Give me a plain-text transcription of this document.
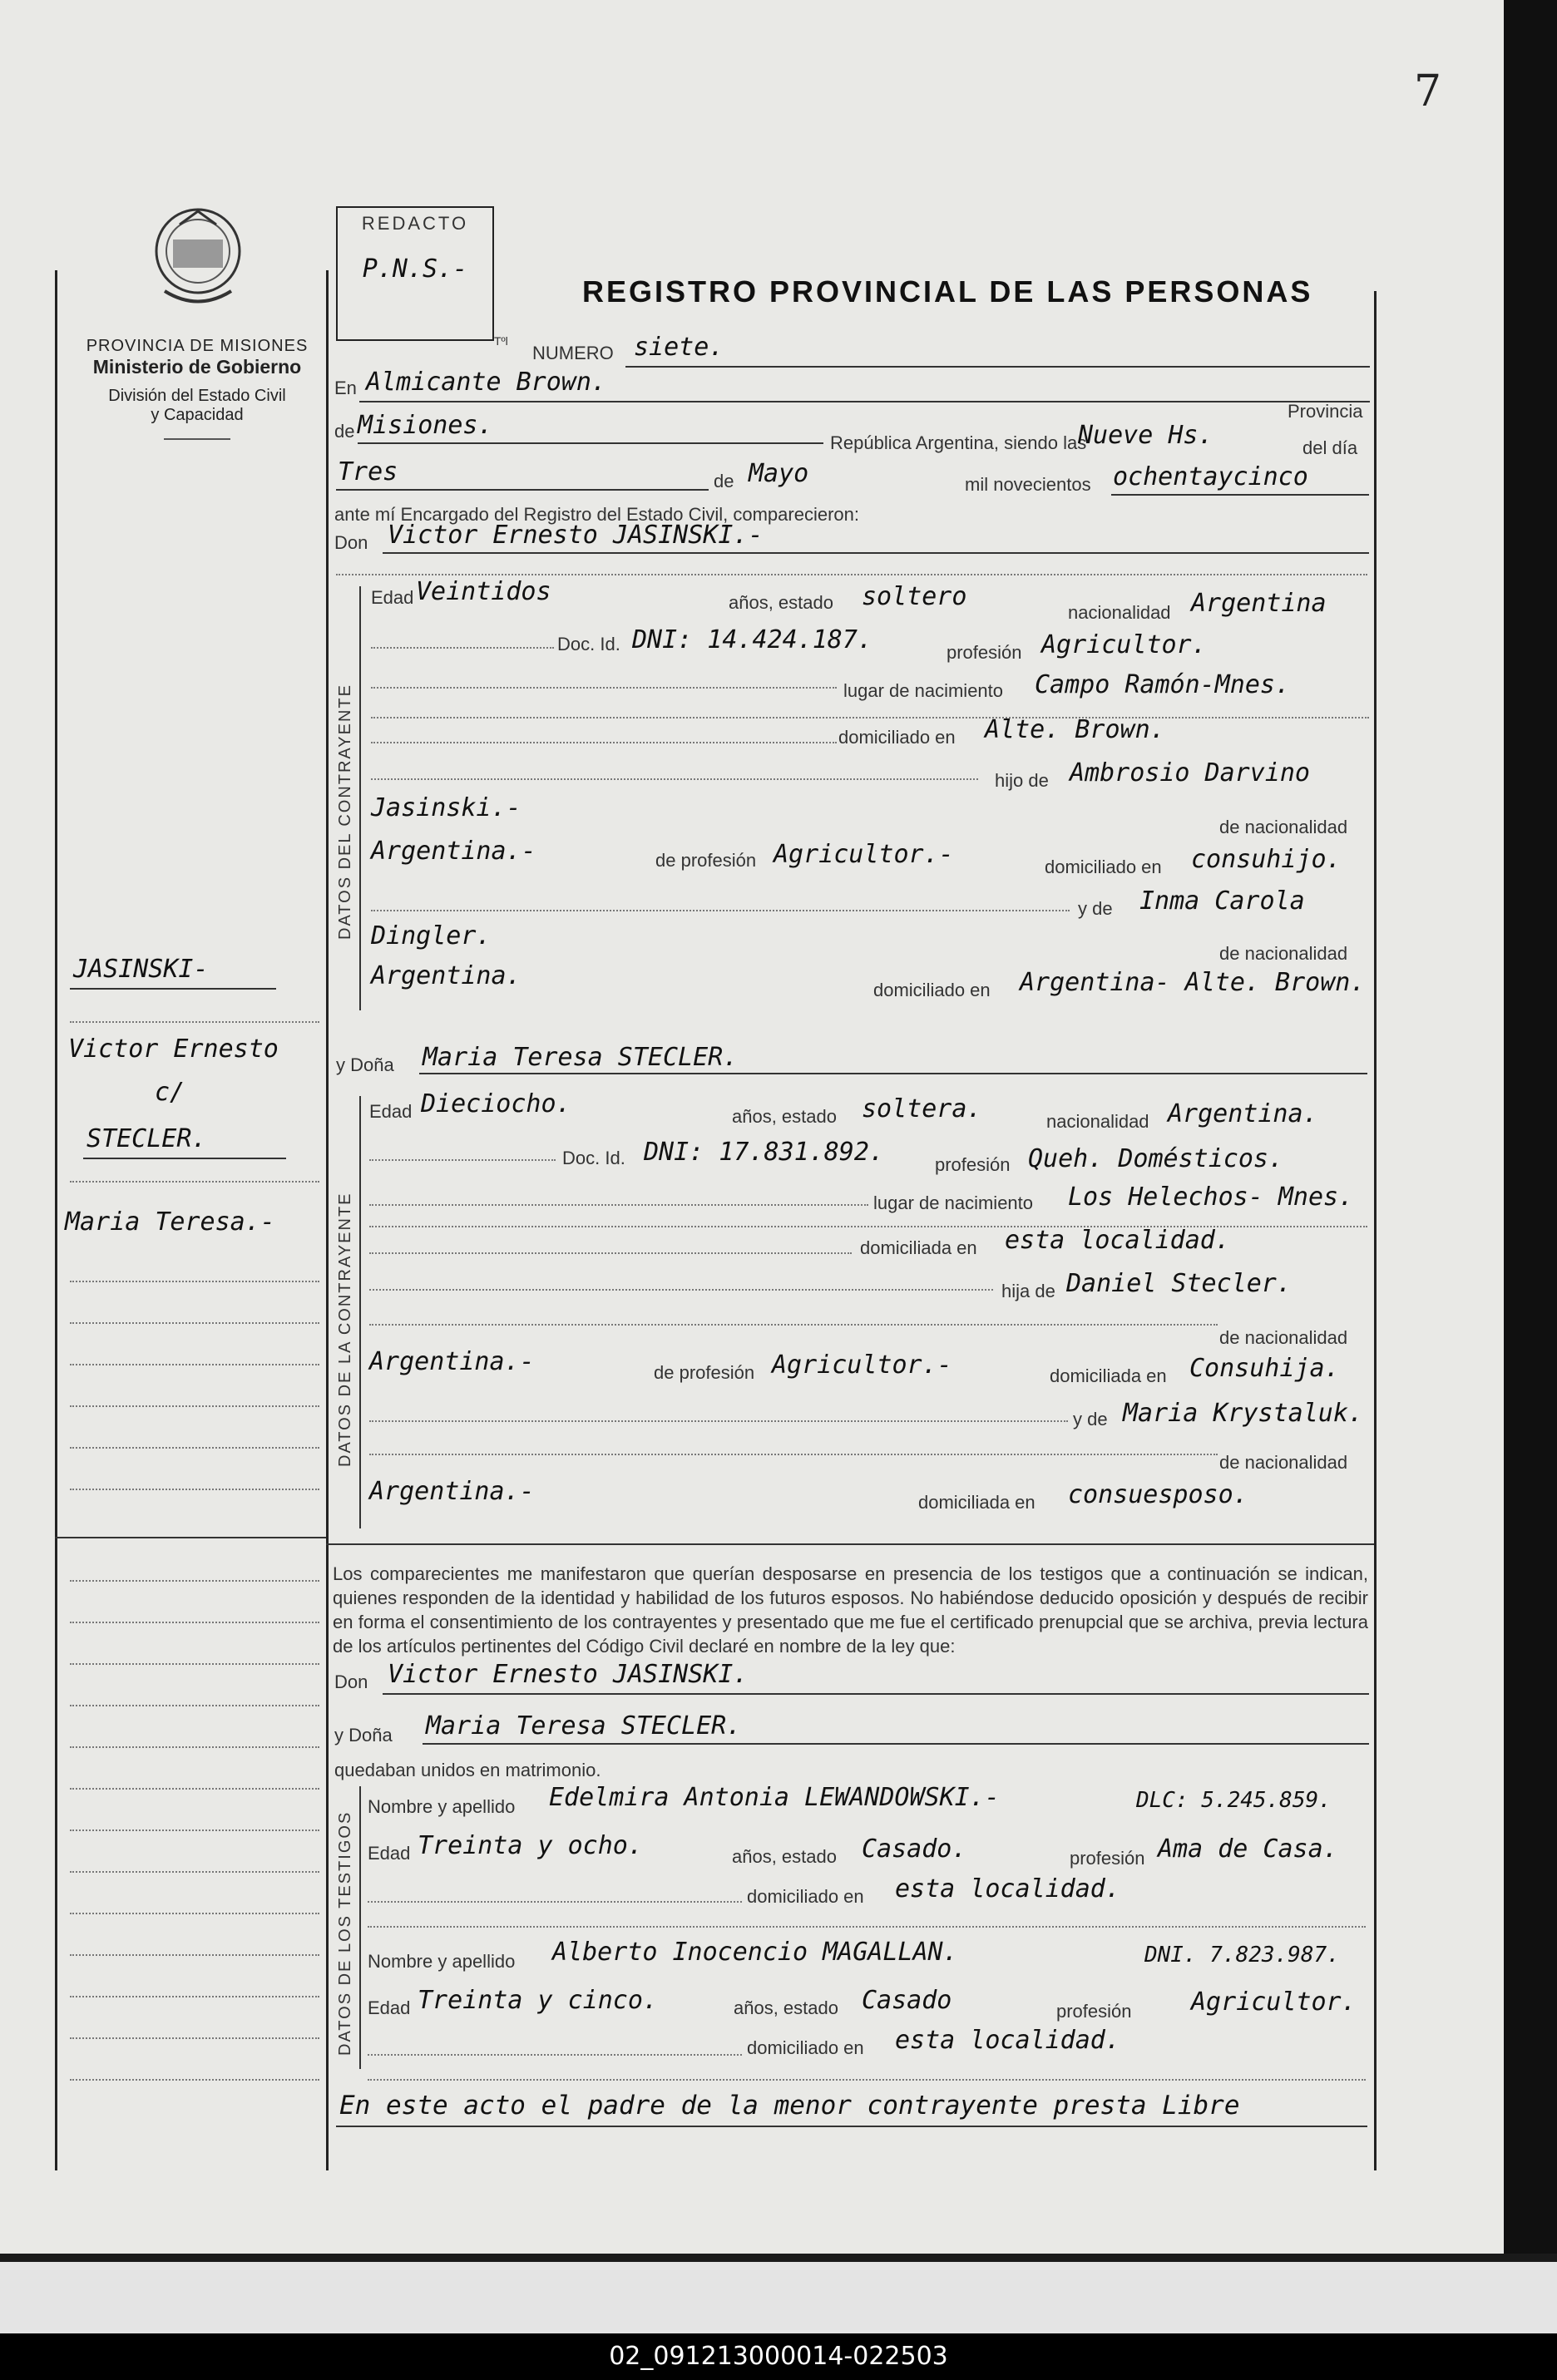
7
PROVINCIA DE MISIONES
Ministerio de Gobierno
División del Estado Civil
y Capacidad
REDACTO
P.N.S.-
REGISTRO PROVINCIAL DE LAS PERSONAS
Tºl
NUMERO siete.
En Almicante Brown.
Provincia
de Misiones.
República Argentina, siendo las
Nueve Hs.	del día
Tres	de Mayo	mil novecientos ochentaycinco
ante mí Encargado del Registro del Estado Civil, comparecieron:
Don Victor Ernesto JASINSKI.-
DATOS DEL CONTRAYENTE
Edad Veintidos	años, estado soltero
nacionalidad Argentina
Doc. Id. DNI: 14.424.187.	profesión Agricultor.
lugar de nacimiento Campo Ramón-Mnes.
domiciliado en Alte. Brown.
hijo de Ambrosio Darvino
Jasinski.-
de nacionalidad
Argentina.-	de profesión Agricultor.-	domiciliado en consuhijo.
y de Inma Carola
Dingler.
de nacionalidad
Argentina.	domiciliado en Argentina- Alte. Brown.
JASINSKI-
Victor Ernesto
c/
STECLER.
Maria Teresa.-
y Doña Maria Teresa STECLER.
DATOS DE LA CONTRAYENTE
Edad Dieciocho.	años, estado soltera.	nacionalidad Argentina.
Doc. Id. DNI: 17.831.892.	profesión Queh. Domésticos.
lugar de nacimiento Los Helechos- Mnes.
domiciliada en esta localidad.
hija de Daniel Stecler.
de nacionalidad
Argentina.-	de profesión Agricultor.-	domiciliada en Consuhija.
y de Maria Krystaluk.
de nacionalidad
Argentina.-	domiciliada en consuesposo.
Los comparecientes me manifestaron que querían desposarse en presencia de los testigos que a continuación se indican, quienes responden de la identidad y habilidad de los futuros esposos. No habiéndose deducido oposición y después de recibir en forma el consentimiento de los contrayentes y presentado que me fue el certificado prenupcial que se archiva, previa lectura de los artículos pertinentes del Código Civil declaré en nombre de la ley que:
Don Victor Ernesto JASINSKI.
y Doña Maria Teresa STECLER.
quedaban unidos en matrimonio.
DATOS DE LOS TESTIGOS
Nombre y apellido Edelmira Antonia LEWANDOWSKI.-	DLC: 5.245.859.
Edad Treinta y ocho.	años, estado Casado.	profesión Ama de Casa.
domiciliado en esta localidad.
Nombre y apellido Alberto Inocencio MAGALLAN.	DNI. 7.823.987.
Edad Treinta y cinco.	años, estado Casado	profesión Agricultor.
domiciliado en esta localidad.
En este acto el padre de la menor contrayente presta Libre
02_091213000014-022503
